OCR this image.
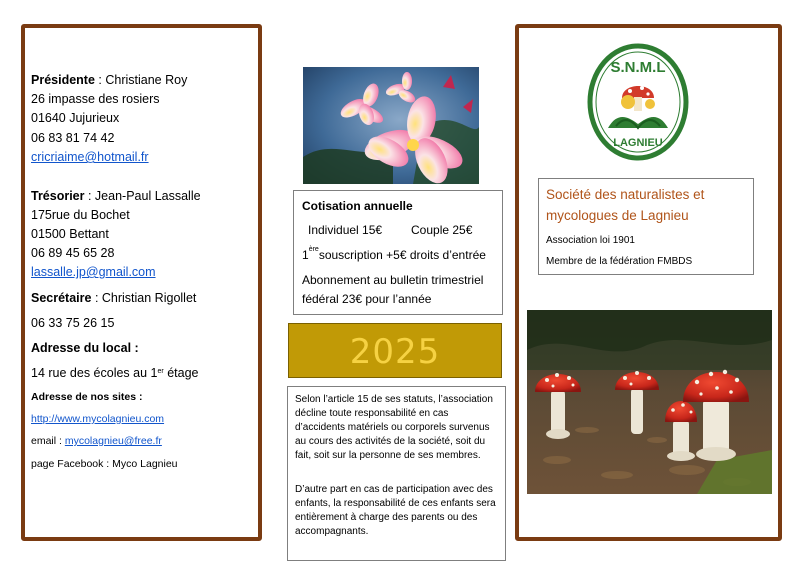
Présidente : Christiane Roy
26 impasse des rosiers
01640 Jujurieux
06 83 81 74 42
cricriaime@hotmail.fr
Trésorier : Jean-Paul Lassalle
175rue du Bochet
01500 Bettant
06 89 45 65 28
lassalle.jp@gmail.com
Secrétaire : Christian Rigollet
06 33 75 26 15
Adresse du local :
14 rue des écoles au 1er étage
Adresse de nos sites :
http://www.mycolagnieu.com
email : mycolagnieu@free.fr
page Facebook : Myco Lagnieu
Cotisation annuelle
Individuel 15€ Couple 25€
1èresouscription +5€ droits d’entrée
Abonnement au bulletin trimestriel
fédéral 23€ pour l’année
2025

Selon l’article 15 de ses statuts, l’association décline toute responsabilité en cas d’accidents matériels ou corporels survenus au cours des activités de la société, soit du fait, soit sur la personne de ses membres.

D’autre part en cas de participation avec des enfants, la responsabilité de ces enfants sera entièrement à charge des parents ou des accompagnants.

S.N.M.L
LAGNIEU
Société des naturalistes et mycologues de Lagnieu
Association loi 1901
Membre de la fédération FMBDS
